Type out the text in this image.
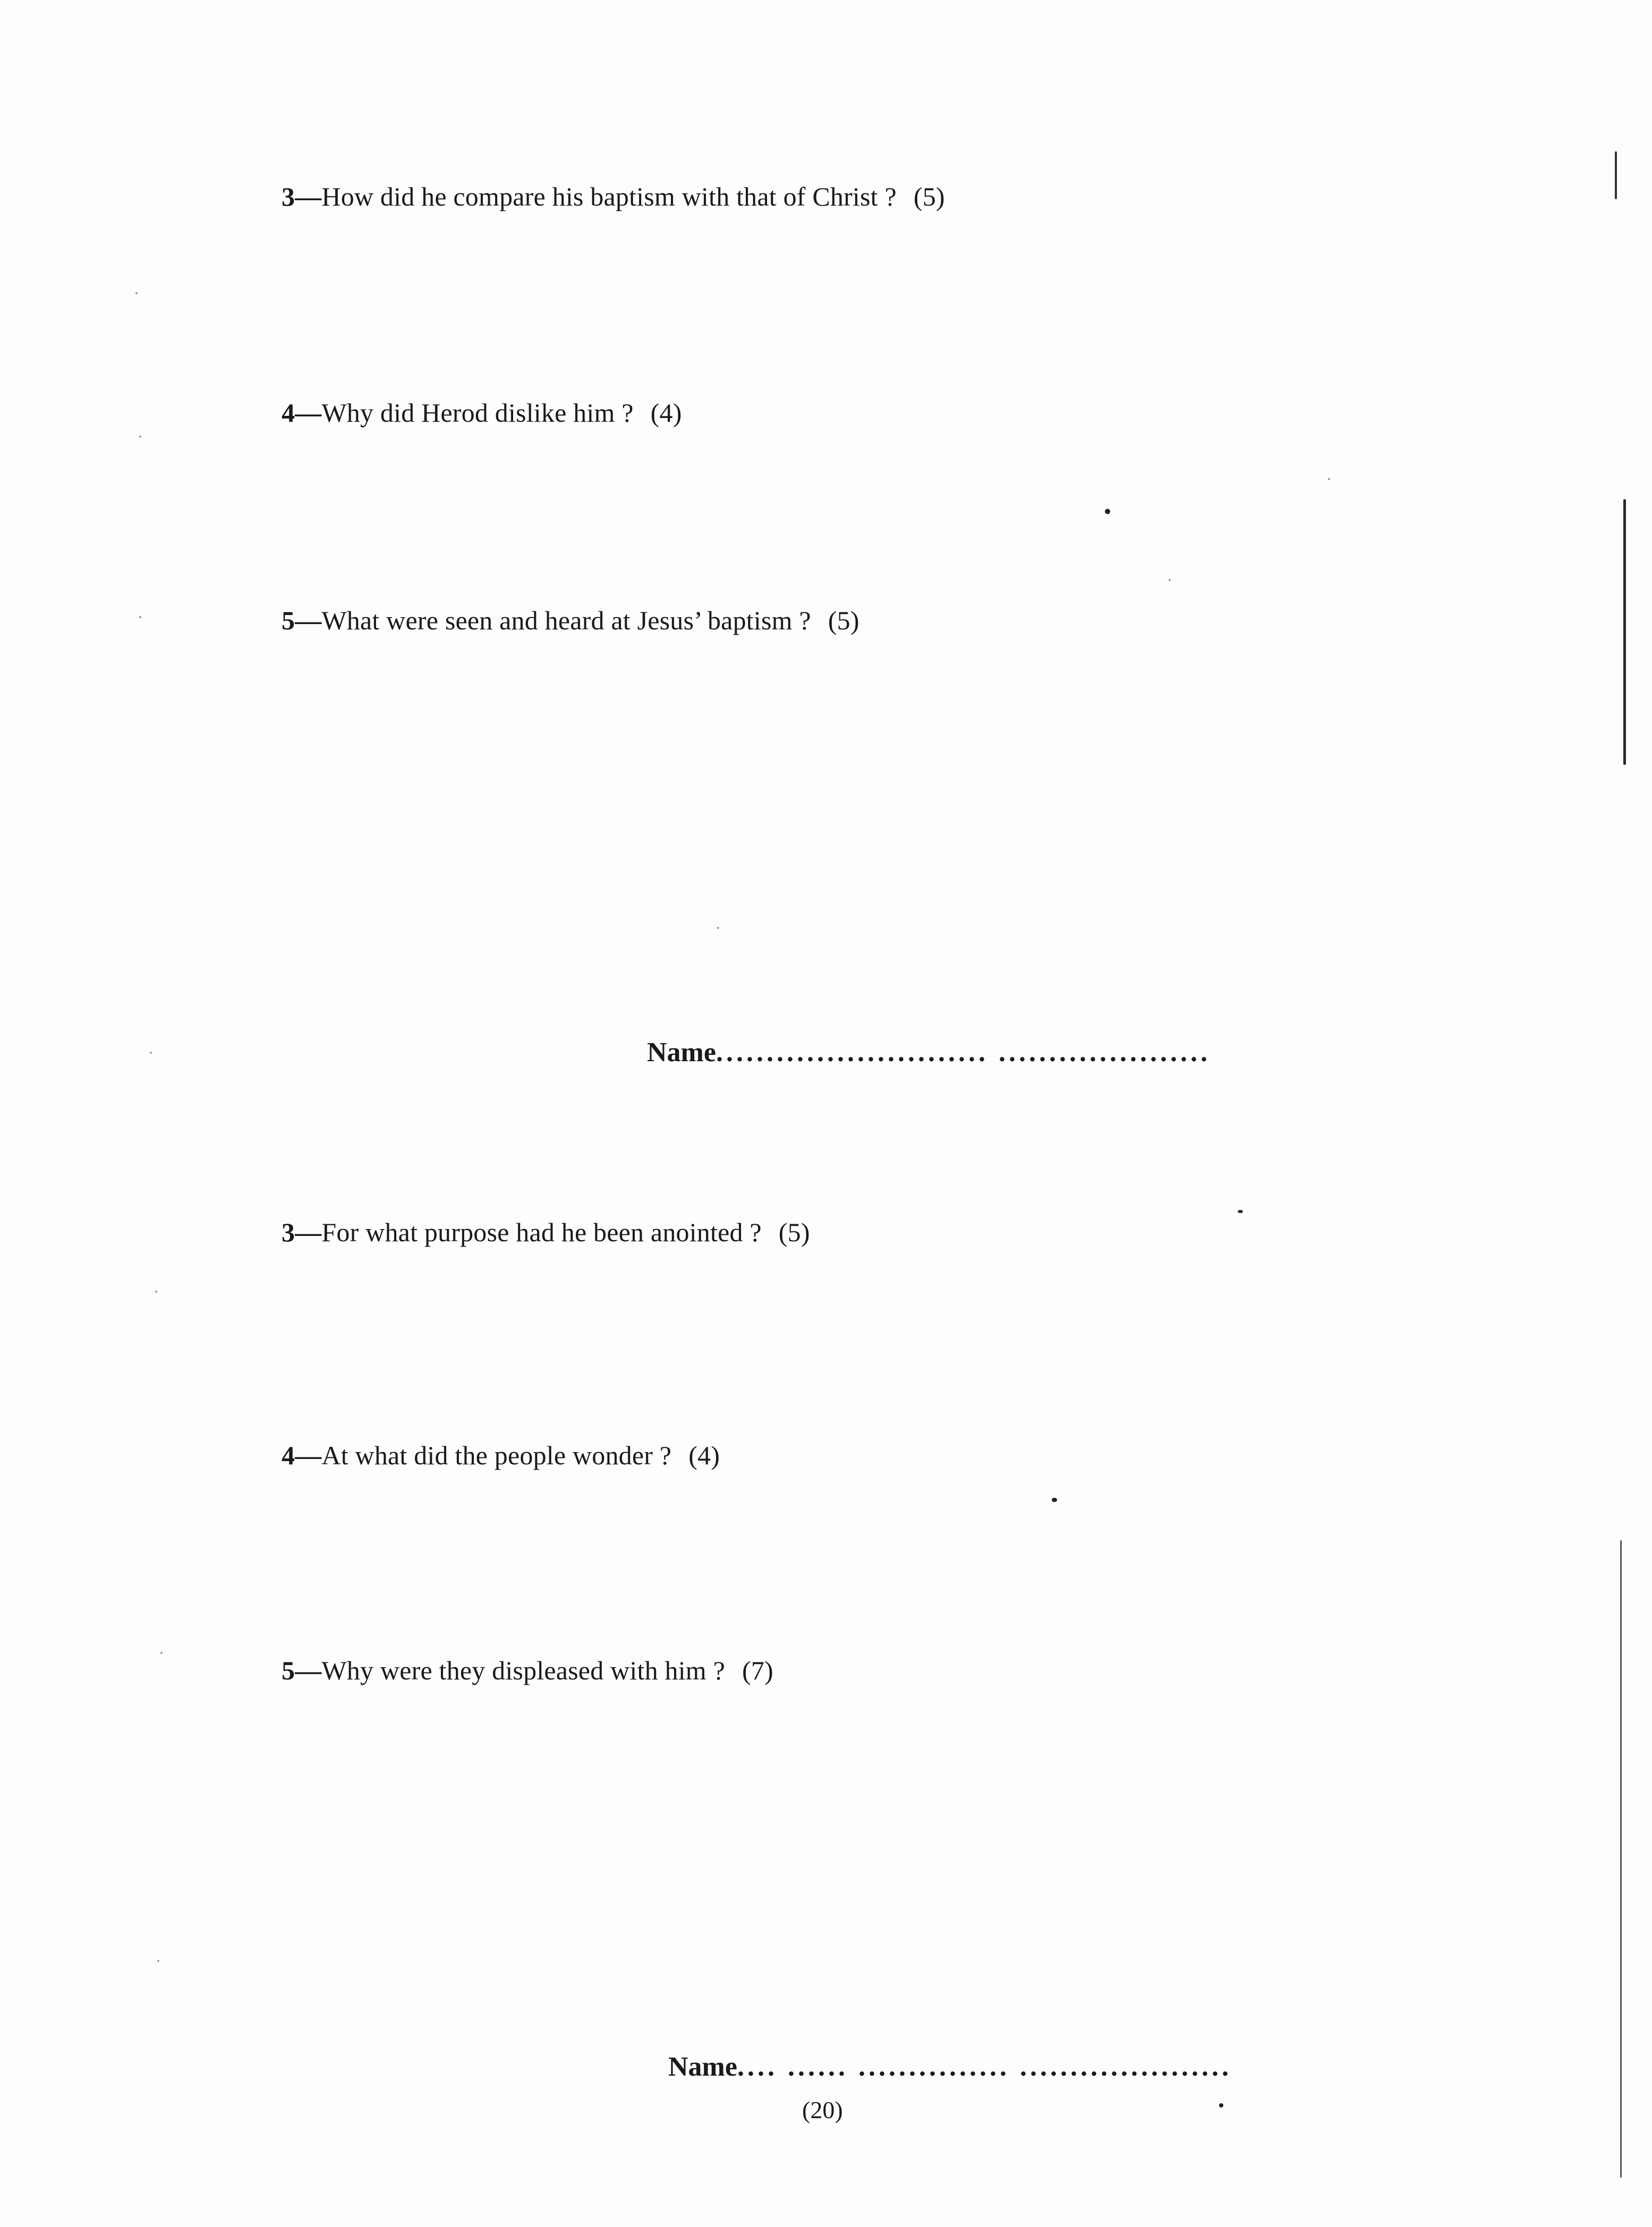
3—How did he compare his baptism with that of Christ ? (5)
4—Why did Herod dislike him ? (4)
5—What were seen and heard at Jesus’ baptism ? (5)
Name........................... .....................
3—For what purpose had he been anointed ? (5)
4—At what did the people wonder ? (4)
5—Why were they displeased with him ? (7)
Name.... ...... ............... .....................
(20)
